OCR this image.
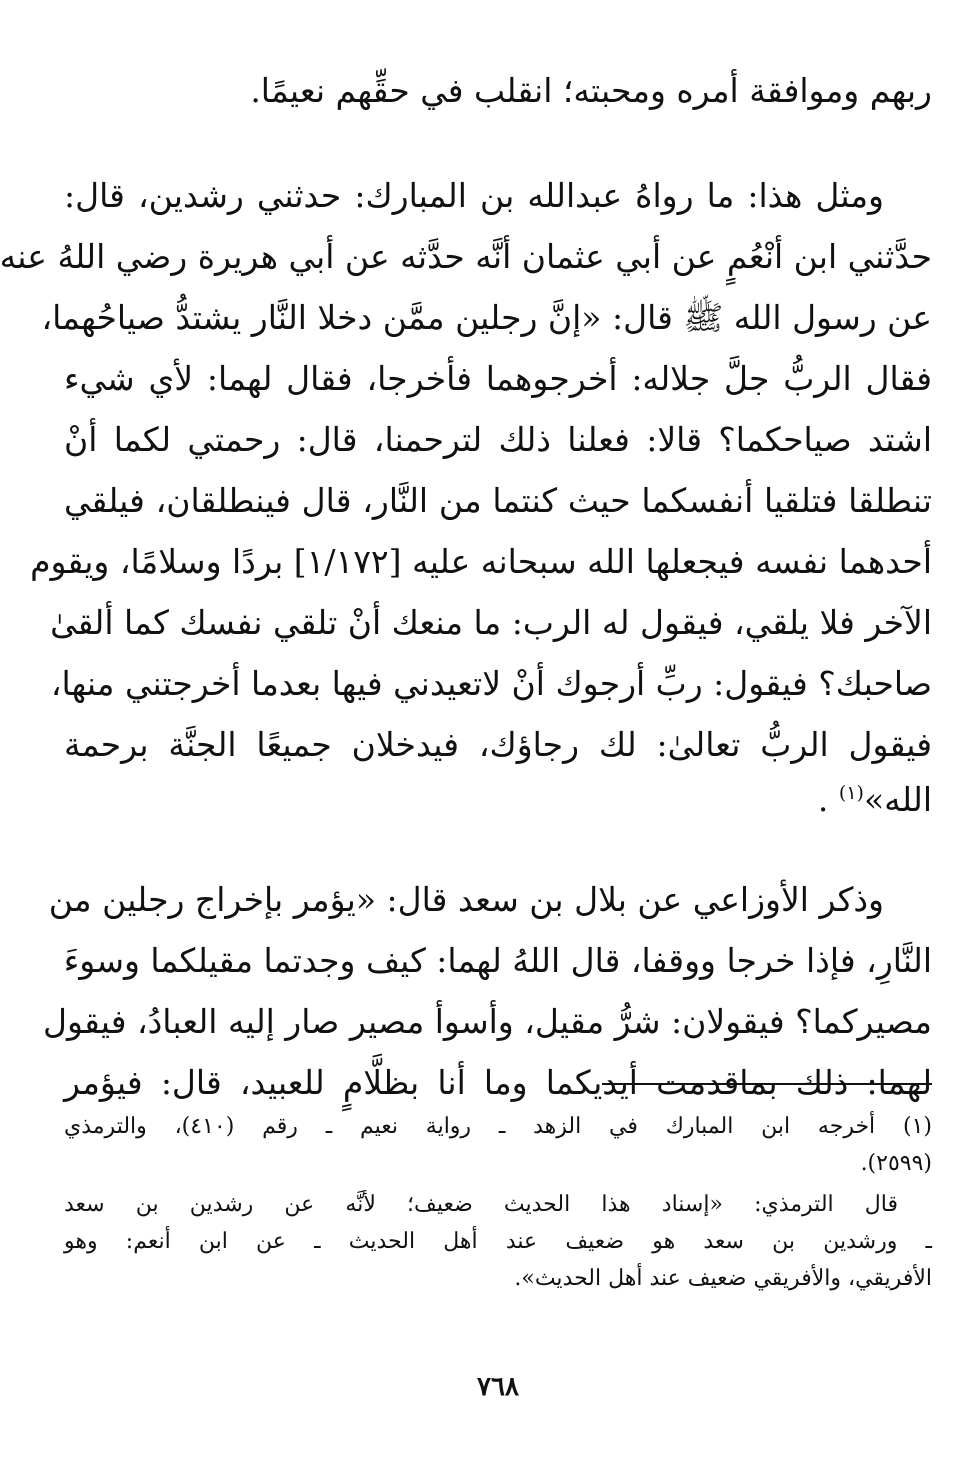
ربهم وموافقة أمره ومحبته؛ انقلب في حقِّهم نعيمًا.
ومثل هذا: ما رواهُ عبدالله بن المبارك: حدثني رشدين، قال:
حدَّثني ابن أنْعُمٍ عن أبي عثمان أنَّه حدَّثه عن أبي هريرة رضي اللهُ عنه
عن رسول الله ﷺ قال: «إنَّ رجلين ممَّن دخلا النَّار يشتدُّ صياحُهما،
فقال الربُّ جلَّ جلاله: أخرجوهما فأخرجا، فقال لهما: لأي شيء
اشتد صياحكما؟ قالا: فعلنا ذلك لترحمنا، قال: رحمتي لكما أنْ
تنطلقا فتلقيا أنفسكما حيث كنتما من النَّار، قال فينطلقان، فيلقي
أحدهما نفسه فيجعلها الله سبحانه عليه [١/١٧٢] بردًا وسلامًا، ويقوم
الآخر فلا يلقي، فيقول له الرب: ما منعك أنْ تلقي نفسك كما ألقىٰ
صاحبك؟ فيقول: ربِّ أرجوك أنْ لاتعيدني فيها بعدما أخرجتني منها،
فيقول الربُّ تعالىٰ: لك رجاؤك، فيدخلان جميعًا الجنَّة برحمة
الله»$^{(١)}$ .
وذكر الأوزاعي عن بلال بن سعد قال: «يؤمر بإخراج رجلين من
النَّارِ، فإذا خرجا ووقفا، قال اللهُ لهما: كيف وجدتما مقيلكما وسوءَ
مصيركما؟ فيقولان: شرُّ مقيل، وأسوأ مصير صار إليه العبادُ، فيقول
لهما: ذلك بماقدمت أيديكما وما أنا بظلَّامٍ للعبيد، قال: فيؤمر
(١) أخرجه ابن المبارك في الزهد ـ رواية نعيم ـ رقم (٤١٠)، والترمذي
(٢٥٩٩).
قال الترمذي: «إسناد هذا الحديث ضعيف؛ لأنَّه عن رشدين بن سعد
ـ ورشدين بن سعد هو ضعيف عند أهل الحديث ـ عن ابن أنعم: وهو
الأفريقي، والأفريقي ضعيف عند أهل الحديث».
٧٦٨
